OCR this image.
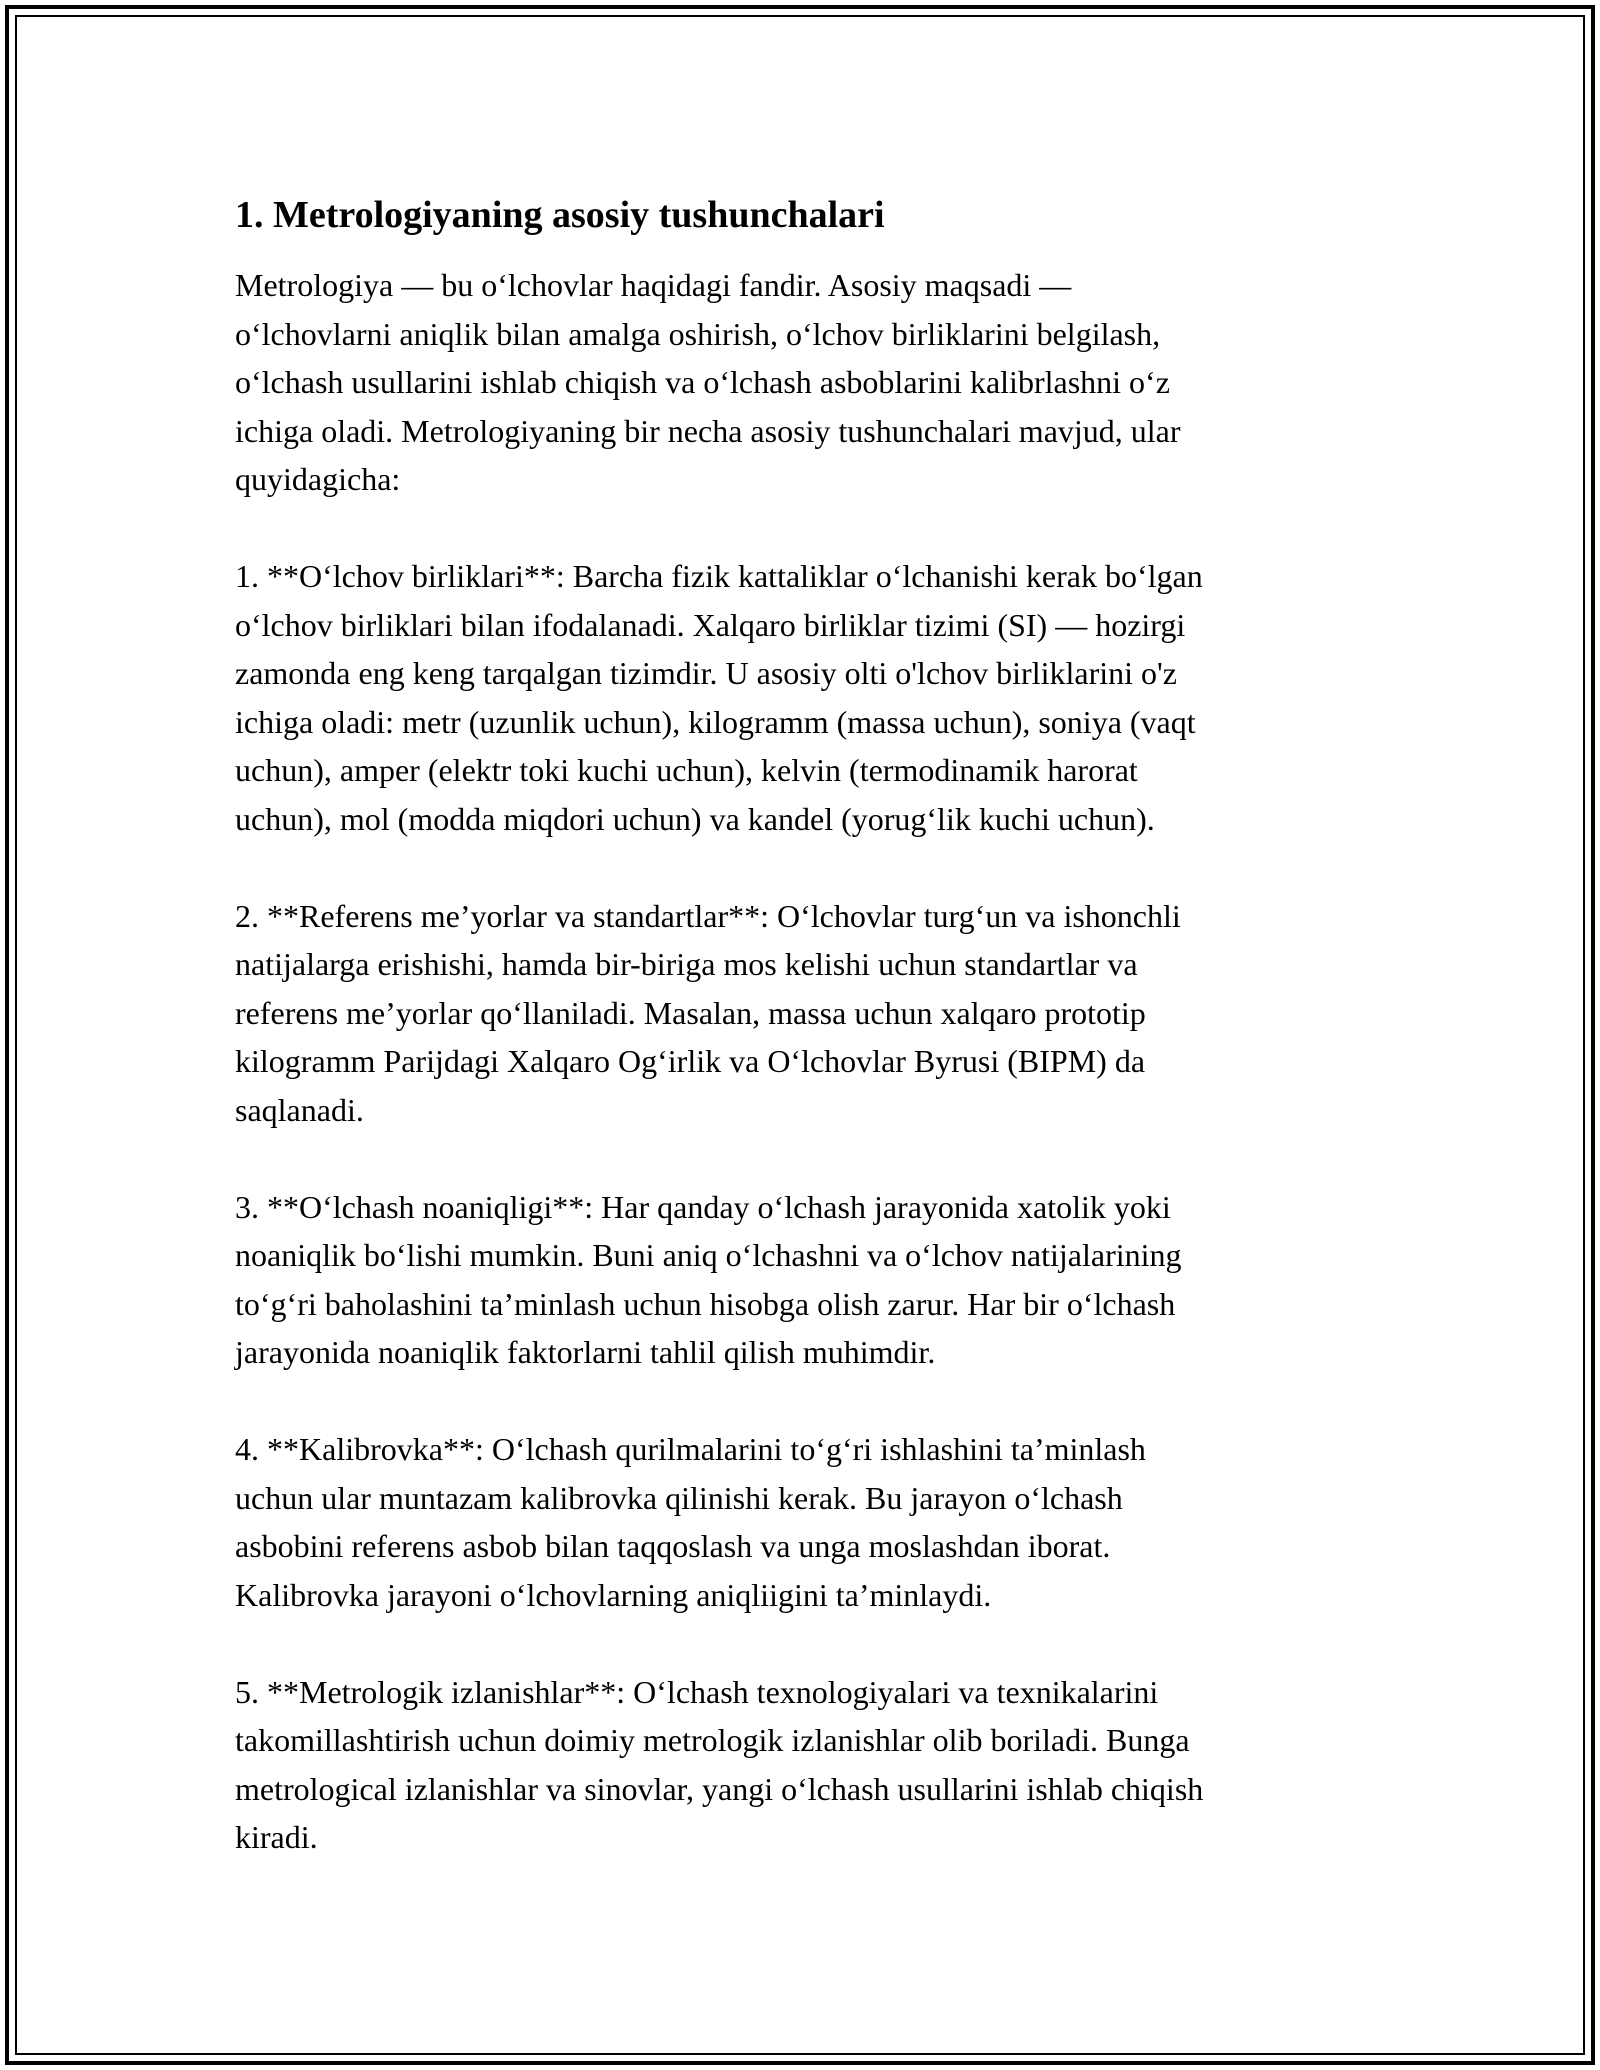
1. Metrologiyaning asosiy tushunchalari

Metrologiya — bu oʻlchovlar haqidagi fandir. Asosiy maqsadi —
oʻlchovlarni aniqlik bilan amalga oshirish, oʻlchov birliklarini belgilash,
oʻlchash usullarini ishlab chiqish va oʻlchash asboblarini kalibrlashni oʻz
ichiga oladi. Metrologiyaning bir necha asosiy tushunchalari mavjud, ular
quyidagicha:

1. **Oʻlchov birliklari**: Barcha fizik kattaliklar oʻlchanishi kerak boʻlgan
oʻlchov birliklari bilan ifodalanadi. Xalqaro birliklar tizimi (SI) — hozirgi
zamonda eng keng tarqalgan tizimdir. U asosiy olti o'lchov birliklarini o'z
ichiga oladi: metr (uzunlik uchun), kilogramm (massa uchun), soniya (vaqt
uchun), amper (elektr toki kuchi uchun), kelvin (termodinamik harorat
uchun), mol (modda miqdori uchun) va kandel (yorugʻlik kuchi uchun).

2. **Referens me’yorlar va standartlar**: Oʻlchovlar turgʻun va ishonchli
natijalarga erishishi, hamda bir-biriga mos kelishi uchun standartlar va
referens me’yorlar qoʻllaniladi. Masalan, massa uchun xalqaro prototip
kilogramm Parijdagi Xalqaro Ogʻirlik va Oʻlchovlar Byrusi (BIPM) da
saqlanadi.

3. **Oʻlchash noaniqligi**: Har qanday oʻlchash jarayonida xatolik yoki
noaniqlik boʻlishi mumkin. Buni aniq oʻlchashni va oʻlchov natijalarining
toʻgʻri baholashini ta’minlash uchun hisobga olish zarur. Har bir oʻlchash
jarayonida noaniqlik faktorlarni tahlil qilish muhimdir.

4. **Kalibrovka**: Oʻlchash qurilmalarini toʻgʻri ishlashini ta’minlash
uchun ular muntazam kalibrovka qilinishi kerak. Bu jarayon oʻlchash
asbobini referens asbob bilan taqqoslash va unga moslashdan iborat.
Kalibrovka jarayoni oʻlchovlarning aniqliigini ta’minlaydi.

5. **Metrologik izlanishlar**: Oʻlchash texnologiyalari va texnikalarini
takomillashtirish uchun doimiy metrologik izlanishlar olib boriladi. Bunga
metrological izlanishlar va sinovlar, yangi oʻlchash usullarini ishlab chiqish
kiradi.
